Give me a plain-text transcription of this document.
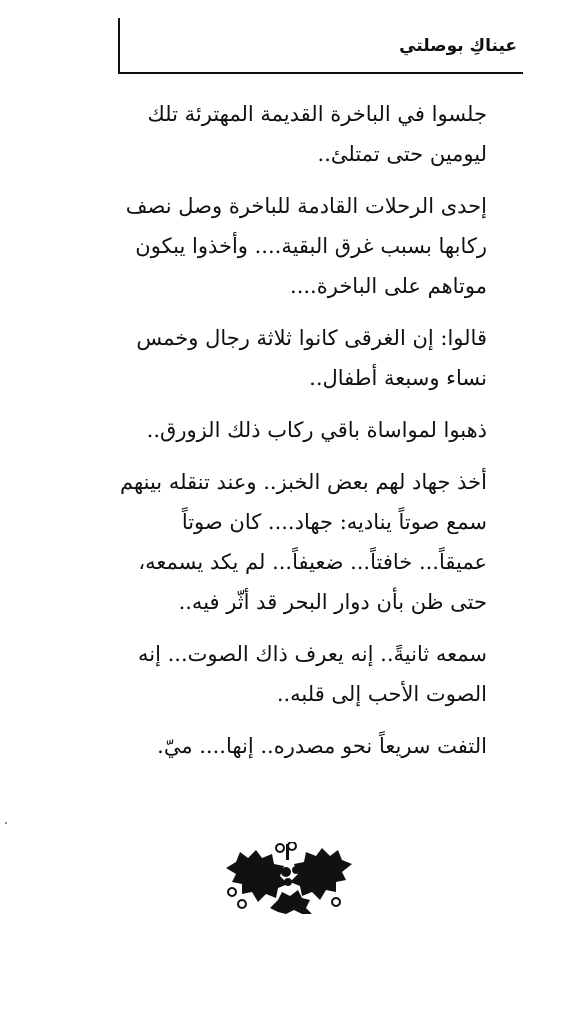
عيناكِ بوصلتي

جلسوا في الباخرة القديمة المهترئة تلك
ليومين حتى تمتلئ..

إحدى الرحلات القادمة للباخرة وصل نصف
ركابها بسبب غرق البقية.... وأخذوا يبكون
موتاهم على الباخرة....

قالوا: إن الغرقى كانوا ثلاثة رجال وخمس
نساء وسبعة أطفال..

ذهبوا لمواساة باقي ركاب ذلك الزورق..

أخذ جهاد لهم بعض الخبز.. وعند تنقله بينهم
سمع صوتاً يناديه: جهاد.... كان صوتاً
عميقاً... خافتاً... ضعيفاً... لم يكد يسمعه،
حتى ظن بأن دوار البحر قد أثّر فيه..

سمعه ثانيةً.. إنه يعرف ذاك الصوت... إنه
الصوت الأحب إلى قلبه..

التفت سريعاً نحو مصدره.. إنها.... ميّ.
